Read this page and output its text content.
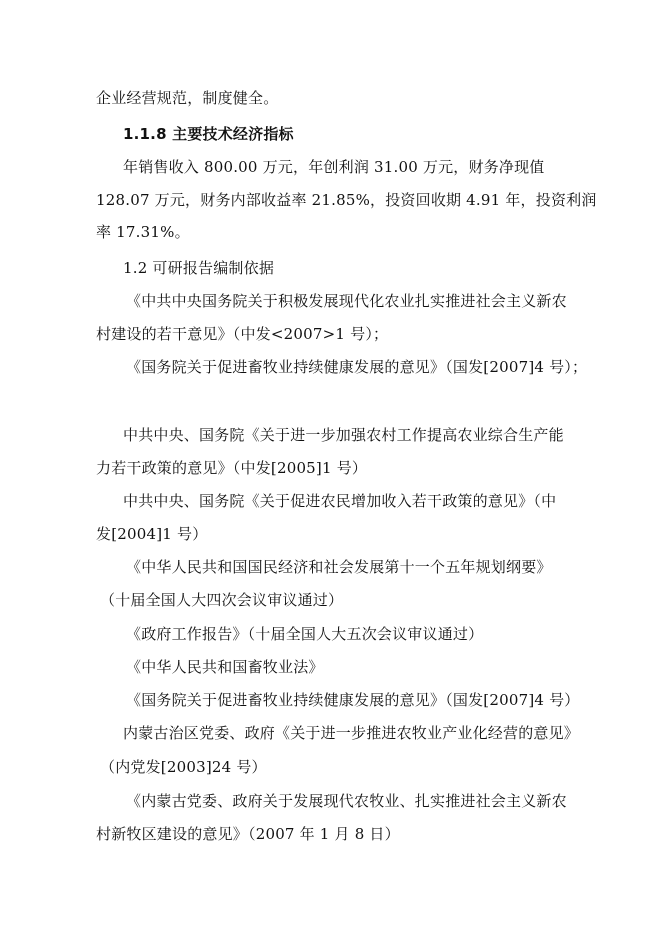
企业经营规范，制度健全。
1.1.8 主要技术经济指标
年销售收入 800.00 万元，年创利润 31.00 万元，财务净现值
128.07 万元，财务内部收益率 21.85%，投资回收期 4.91 年，投资利润
率 17.31%。
1.2 可研报告编制依据
《中共中央国务院关于积极发展现代化农业扎实推进社会主义新农
村建设的若干意见》（中发<2007>1 号）；
《国务院关于促进畜牧业持续健康发展的意见》（国发[2007]4 号）；
中共中央、国务院《关于进一步加强农村工作提高农业综合生产能
力若干政策的意见》（中发[2005]1 号）
中共中央、国务院《关于促进农民增加收入若干政策的意见》（中
发[2004]1 号）
《中华人民共和国国民经济和社会发展第十一个五年规划纲要》
（十届全国人大四次会议审议通过）
《政府工作报告》（十届全国人大五次会议审议通过）
《中华人民共和国畜牧业法》
《国务院关于促进畜牧业持续健康发展的意见》（国发[2007]4 号）
内蒙古治区党委、政府《关于进一步推进农牧业产业化经营的意见》
（内党发[2003]24 号）
《内蒙古党委、政府关于发展现代农牧业、扎实推进社会主义新农
村新牧区建设的意见》（2007 年 1 月 8 日）
